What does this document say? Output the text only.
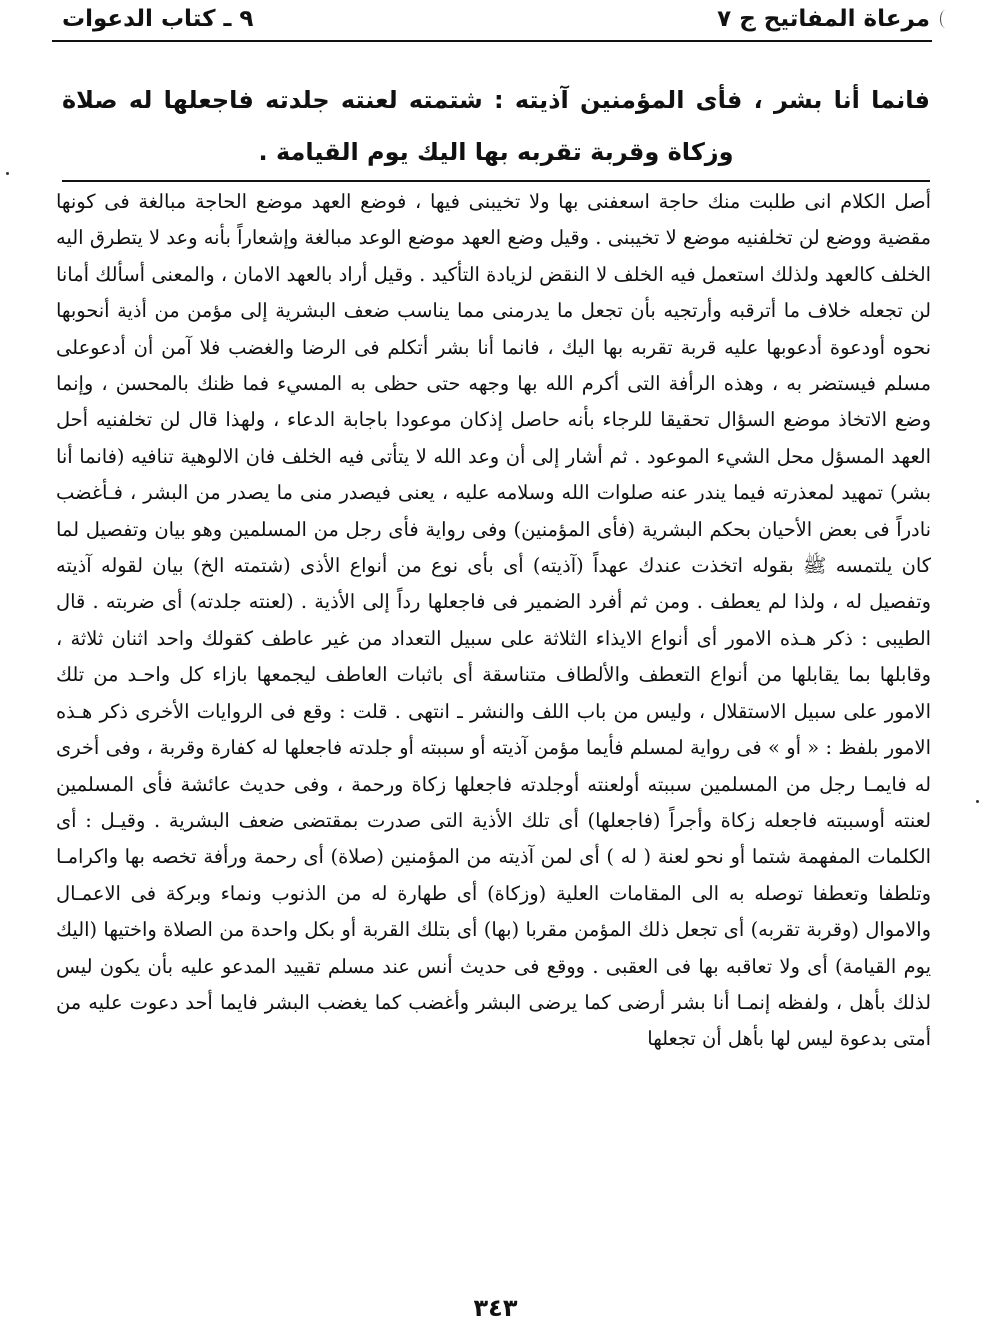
مرعاة المفاتيح ج ٧
٩ ـ كتاب الدعوات
فانما أنا بشر ، فأى المؤمنين آذيته : شتمته لعنته جلدته فاجعلها له صلاة وزكاة وقربة تقربه بها اليك يوم القيامة .

أصل الكلام انى طلبت منك حاجة اسعفنى بها ولا تخيبنى فيها ، فوضع العهد موضع الحاجة مبالغة فى كونها مقضية ووضع لن تخلفنيه موضع لا تخيبنى . وقيل وضع العهد موضع الوعد مبالغة وإشعاراً بأنه وعد لا يتطرق اليه الخلف كالعهد ولذلك استعمل فيه الخلف لا النقض لزيادة التأكيد . وقيل أراد بالعهد الامان ، والمعنى أسألك أمانا لن تجعله خلاف ما أترقبه وأرتجيه بأن تجعل ما يدرمنى مما يناسب ضعف البشرية إلى مؤمن من أذية أنحوبها نحوه أودعوة أدعوبها عليه قربة تقربه بها اليك ، فانما أنا بشر أتكلم فى الرضا والغضب فلا آمن أن أدعوعلى مسلم فيستضر به ، وهذه الرأفة التى أكرم الله بها وجهه حتى حظى به المسيء فما ظنك بالمحسن ، وإنما وضع الاتخاذ موضع السؤال تحقيقا للرجاء بأنه حاصل إذكان موعودا باجابة الدعاء ، ولهذا قال لن تخلفنيه أحل العهد المسؤل محل الشيء الموعود . ثم أشار إلى أن وعد الله لا يتأتى فيه الخلف فان الالوهية تنافيه (فانما أنا بشر) تمهيد لمعذرته فيما يندر عنه صلوات الله وسلامه عليه ، يعنى فيصدر منى ما يصدر من البشر ، فـأغضب نادراً فى بعض الأحيان بحكم البشرية (فأى المؤمنين) وفى رواية فأى رجل من المسلمين وهو بيان وتفصيل لما كان يلتمسه ﷺ بقوله اتخذت عندك عهداً (آذيته) أى بأى نوع من أنواع الأذى (شتمته الخ) بيان لقوله آذيته وتفصيل له ، ولذا لم يعطف . ومن ثم أفرد الضمير فى فاجعلها رداً إلى الأذية . (لعنته جلدته) أى ضربته . قال الطيبى : ذكر هـذه الامور أى أنواع الايذاء الثلاثة على سبيل التعداد من غير عاطف كقولك واحد اثنان ثلاثة ، وقابلها بما يقابلها من أنواع التعطف والألطاف متناسقة أى باثبات العاطف ليجمعها بازاء كل واحـد من تلك الامور على سبيل الاستقلال ، وليس من باب اللف والنشر ـ انتهى . قلت : وقع فى الروايات الأخرى ذكر هـذه الامور بلفظ : « أو » فى رواية لمسلم فأيما مؤمن آذيته أو سببته أو جلدته فاجعلها له كفارة وقربة ، وفى أخرى له فايمـا رجل من المسلمين سببته أولعنته أوجلدته فاجعلها زكاة ورحمة ، وفى حديث عائشة فأى المسلمين لعنته أوسببته فاجعله زكاة وأجراً (فاجعلها) أى تلك الأذية التى صدرت بمقتضى ضعف البشرية . وقيـل : أى الكلمات المفهمة شتما أو نحو لعنة ( له ) أى لمن آذيته من المؤمنين (صلاة) أى رحمة ورأفة تخصه بها واكرامـا وتلطفا وتعطفا توصله به الى المقامات العلية (وزكاة) أى طهارة له من الذنوب ونماء وبركة فى الاعمـال والاموال (وقربة تقربه) أى تجعل ذلك المؤمن مقربا (بها) أى بتلك القربة أو بكل واحدة من الصلاة واختيها (اليك يوم القيامة) أى ولا تعاقبه بها فى العقبى . ووقع فى حديث أنس عند مسلم تقييد المدعو عليه بأن يكون ليس لذلك بأهل ، ولفظه إنمـا أنا بشر أرضى كما يرضى البشر وأغضب كما يغضب البشر فايما أحد دعوت عليه من أمتى بدعوة ليس لها بأهل أن تجعلها

٣٤٣
